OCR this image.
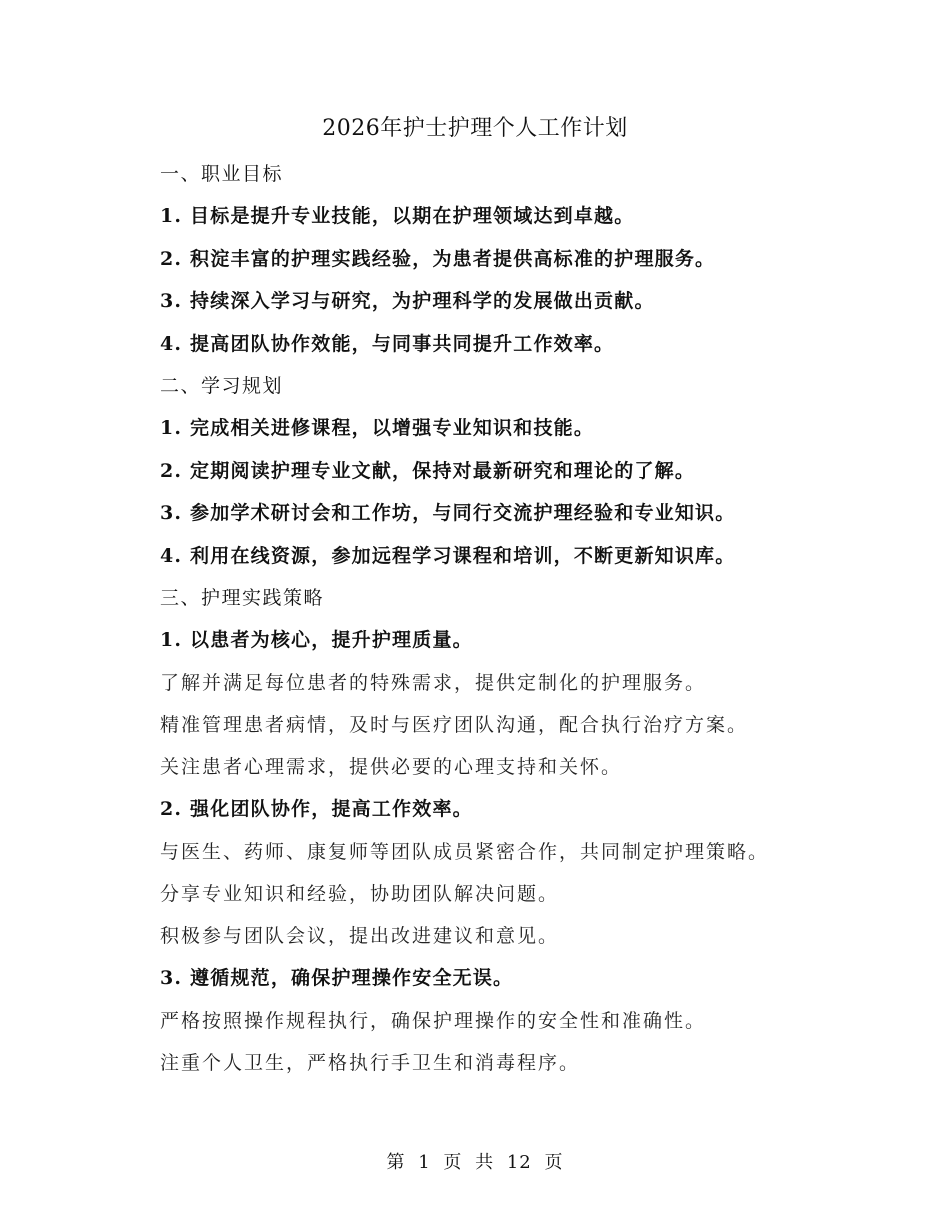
2026年护士护理个人工作计划
一、职业目标
1. 目标是提升专业技能，以期在护理领域达到卓越。
2. 积淀丰富的护理实践经验，为患者提供高标准的护理服务。
3. 持续深入学习与研究，为护理科学的发展做出贡献。
4. 提高团队协作效能，与同事共同提升工作效率。
二、学习规划
1. 完成相关进修课程，以增强专业知识和技能。
2. 定期阅读护理专业文献，保持对最新研究和理论的了解。
3. 参加学术研讨会和工作坊，与同行交流护理经验和专业知识。
4. 利用在线资源，参加远程学习课程和培训，不断更新知识库。
三、护理实践策略
1. 以患者为核心，提升护理质量。
了解并满足每位患者的特殊需求，提供定制化的护理服务。
精准管理患者病情，及时与医疗团队沟通，配合执行治疗方案。
关注患者心理需求，提供必要的心理支持和关怀。
2. 强化团队协作，提高工作效率。
与医生、药师、康复师等团队成员紧密合作，共同制定护理策略。
分享专业知识和经验，协助团队解决问题。
积极参与团队会议，提出改进建议和意见。
3. 遵循规范，确保护理操作安全无误。
严格按照操作规程执行，确保护理操作的安全性和准确性。
注重个人卫生，严格执行手卫生和消毒程序。
第 1 页 共 12 页
